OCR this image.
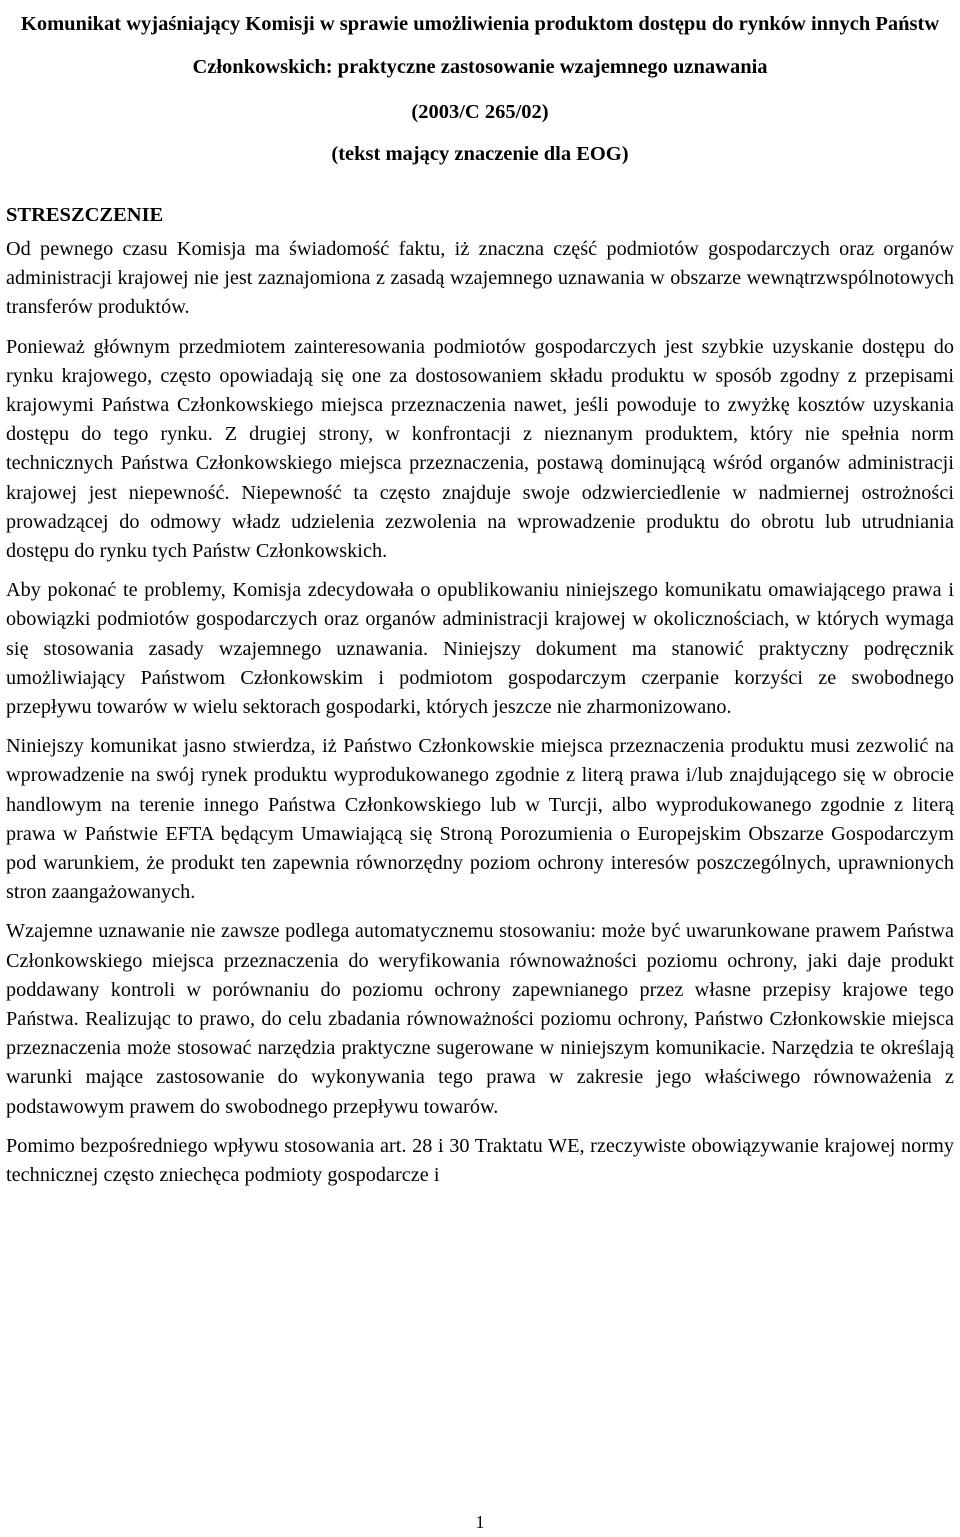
Komunikat wyjaśniający Komisji w sprawie umożliwienia produktom dostępu do rynków innych Państw Członkowskich: praktyczne zastosowanie wzajemnego uznawania
(2003/C 265/02)
(tekst mający znaczenie dla EOG)
STRESZCZENIE

Od pewnego czasu Komisja ma świadomość faktu, iż znaczna część podmiotów gospodarczych oraz organów administracji krajowej nie jest zaznajomiona z zasadą wzajemnego uznawania w obszarze wewnątrzwspólnotowych transferów produktów.

Ponieważ głównym przedmiotem zainteresowania podmiotów gospodarczych jest szybkie uzyskanie dostępu do rynku krajowego, często opowiadają się one za dostosowaniem składu produktu w sposób zgodny z przepisami krajowymi Państwa Członkowskiego miejsca przeznaczenia nawet, jeśli powoduje to zwyżkę kosztów uzyskania dostępu do tego rynku. Z drugiej strony, w konfrontacji z nieznanym produktem, który nie spełnia norm technicznych Państwa Członkowskiego miejsca przeznaczenia, postawą dominującą wśród organów administracji krajowej jest niepewność. Niepewność ta często znajduje swoje odzwierciedlenie w nadmiernej ostrożności prowadzącej do odmowy władz udzielenia zezwolenia na wprowadzenie produktu do obrotu lub utrudniania dostępu do rynku tych Państw Członkowskich.

Aby pokonać te problemy, Komisja zdecydowała o opublikowaniu niniejszego komunikatu omawiającego prawa i obowiązki podmiotów gospodarczych oraz organów administracji krajowej w okolicznościach, w których wymaga się stosowania zasady wzajemnego uznawania. Niniejszy dokument ma stanowić praktyczny podręcznik umożliwiający Państwom Członkowskim i podmiotom gospodarczym czerpanie korzyści ze swobodnego przepływu towarów w wielu sektorach gospodarki, których jeszcze nie zharmonizowano.

Niniejszy komunikat jasno stwierdza, iż Państwo Członkowskie miejsca przeznaczenia produktu musi zezwolić na wprowadzenie na swój rynek produktu wyprodukowanego zgodnie z literą prawa i/lub znajdującego się w obrocie handlowym na terenie innego Państwa Członkowskiego lub w Turcji, albo wyprodukowanego zgodnie z literą prawa w Państwie EFTA będącym Umawiającą się Stroną Porozumienia o Europejskim Obszarze Gospodarczym pod warunkiem, że produkt ten zapewnia równorzędny poziom ochrony interesów poszczególnych, uprawnionych stron zaangażowanych.

Wzajemne uznawanie nie zawsze podlega automatycznemu stosowaniu: może być uwarunkowane prawem Państwa Członkowskiego miejsca przeznaczenia do weryfikowania równoważności poziomu ochrony, jaki daje produkt poddawany kontroli w porównaniu do poziomu ochrony zapewnianego przez własne przepisy krajowe tego Państwa. Realizując to prawo, do celu zbadania równoważności poziomu ochrony, Państwo Członkowskie miejsca przeznaczenia może stosować narzędzia praktyczne sugerowane w niniejszym komunikacie. Narzędzia te określają warunki mające zastosowanie do wykonywania tego prawa w zakresie jego właściwego równoważenia z podstawowym prawem do swobodnego przepływu towarów.

Pomimo bezpośredniego wpływu stosowania art. 28 i 30 Traktatu WE, rzeczywiste obowiązywanie krajowej normy technicznej często zniechęca podmioty gospodarcze i

1
